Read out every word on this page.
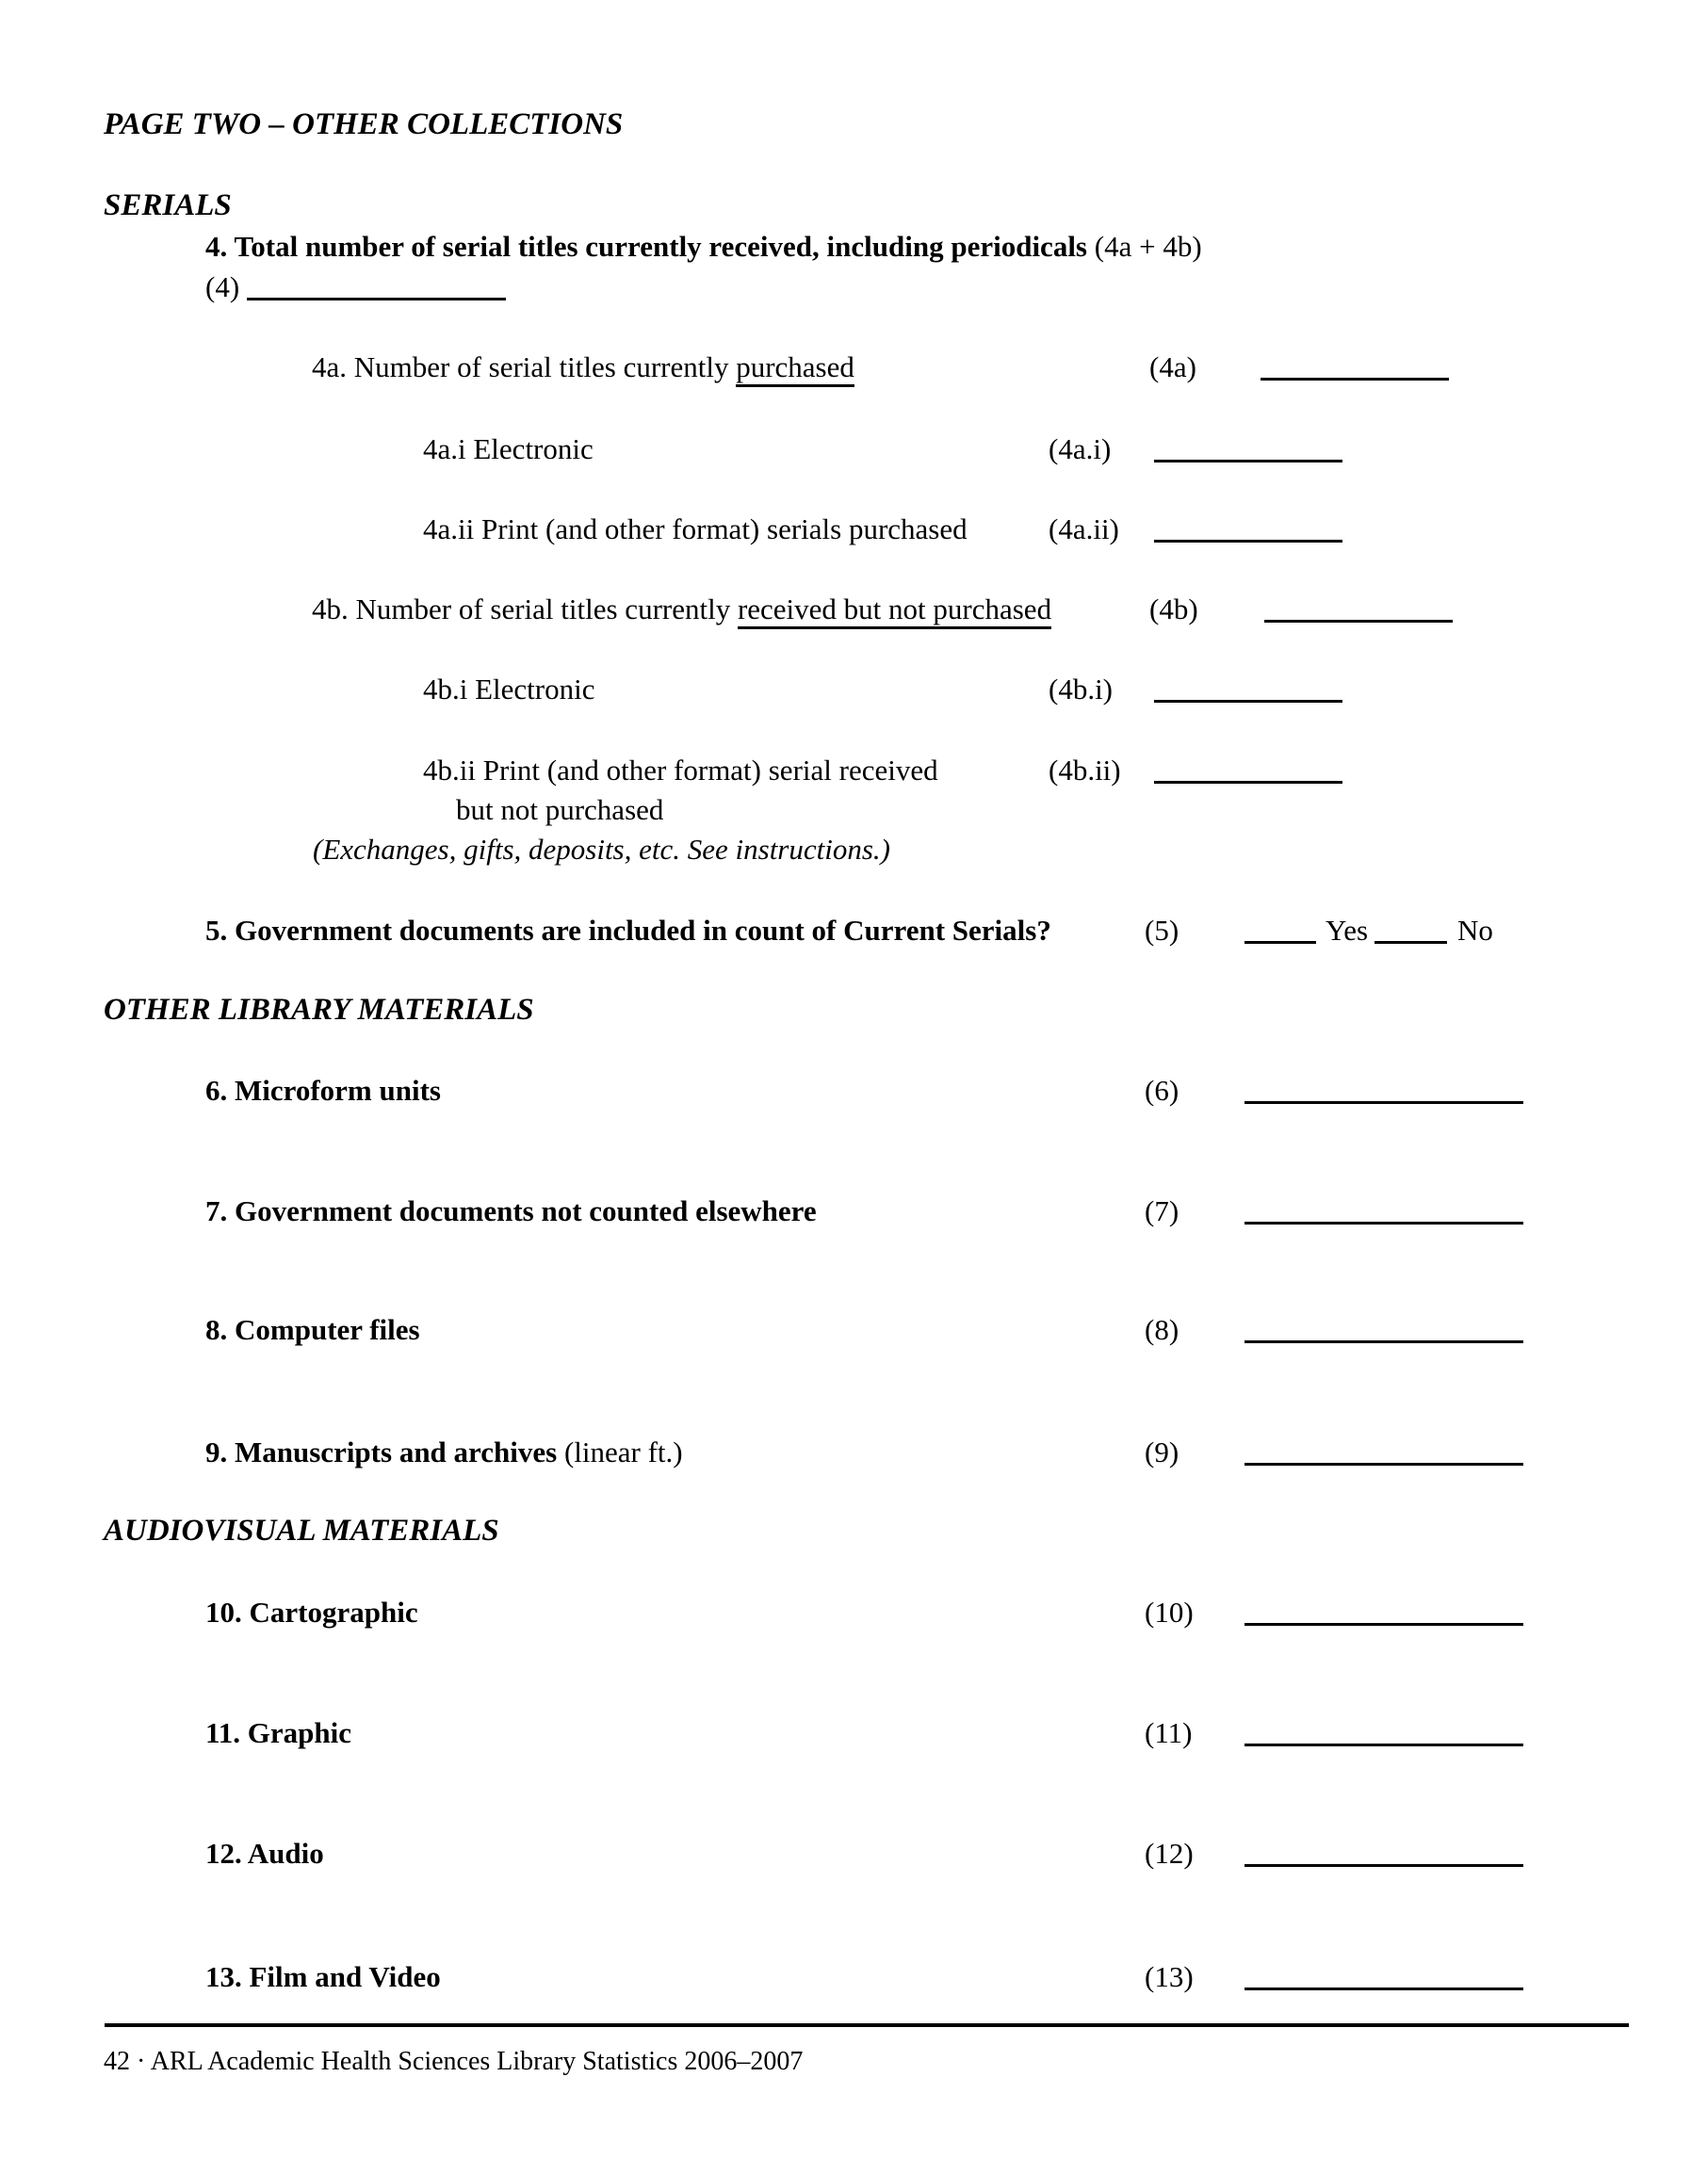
PAGE TWO – OTHER COLLECTIONS
SERIALS
4. Total number of serial titles currently received, including periodicals (4a + 4b)
(4)
4a. Number of serial titles currently purchased	(4a)
4a.i Electronic	(4a.i)
4a.ii Print (and other format) serials purchased	(4a.ii)
4b. Number of serial titles currently received but not purchased	(4b)
4b.i Electronic	(4b.i)
4b.ii Print (and other format) serial received	(4b.ii)
but not purchased
(Exchanges, gifts, deposits, etc. See instructions.)
5. Government documents are included in count of Current Serials?	(5)	Yes	No
OTHER LIBRARY MATERIALS
6. Microform units	(6)
7. Government documents not counted elsewhere	(7)
8. Computer files	(8)
9. Manuscripts and archives (linear ft.)	(9)
AUDIOVISUAL MATERIALS
10. Cartographic	(10)
11. Graphic	(11)
12. Audio	(12)
13. Film and Video	(13)
42 · ARL Academic Health Sciences Library Statistics 2006–2007
